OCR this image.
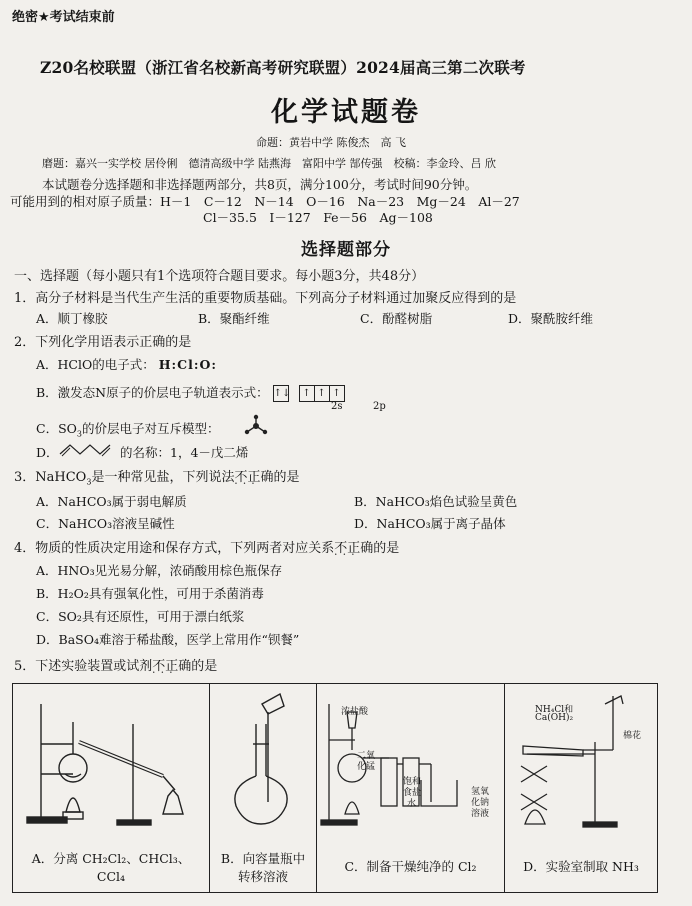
绝密★考试结束前
Z20名校联盟（浙江省名校新高考研究联盟）2024届高三第二次联考
化学试题卷
命题：黄岩中学 陈俊杰　高 飞
磨题：嘉兴一实学校 居伶俐　德清高级中学 陆燕海　富阳中学 郜传强　校稿：李金玲、吕 欣
本试题卷分选择题和非选择题两部分，共8页，满分100分，考试时间90分钟。
可能用到的相对原子质量：H－1　C－12　N－14　O－16　Na－23　Mg－24　Al－27
Cl－35.5　I－127　Fe－56　Ag－108
选择题部分
一、选择题（每小题只有1个选项符合题目要求。每小题3分，共48分）
1．高分子材料是当代生产生活的重要物质基础。下列高分子材料通过加聚反应得到的是
A．顺丁橡胶	B．聚酯纤维	C．酚醛树脂	D．聚酰胺纤维
2．下列化学用语表示正确的是
A．HClO的电子式： H:Cl:O:
B．激发态N原子的价层电子轨道表示式： ↑↓ ↑ ↑ ↑
2s	2p
C．$SO_3$的价层电子对互斥模型：
D．	的名称：1，4－戊二烯
3．NaHCO$_3$是一种常见盐，下列说法不正确 • • •的是
A．NaHCO₃属于弱电解质	B．NaHCO₃焰色试验呈黄色
C．NaHCO₃溶液呈碱性	D．NaHCO₃属于离子晶体
4．物质的性质决定用途和保存方式，下列两者对应关系不正确 • • •的是
A．HNO₃见光易分解，浓硝酸用棕色瓶保存
B．H₂O₂具有强氧化性，可用于杀菌消毒
C．SO₂具有还原性，可用于漂白纸浆
D．BaSO₄难溶于稀盐酸，医学上常用作“钡餐”
5．下述实验装置或试剂不正确 • • •的是
A．分离 CH₂Cl₂、CHCl₃、
CCl₄
B．向容量瓶中
转移溶液
浓盐酸
二氧
化锰
饱和
食盐
水
氢氧
化钠
溶液
C．制备干燥纯净的 Cl₂
NH₄Cl和
Ca(OH)₂
棉花
D．实验室制取 NH₃
